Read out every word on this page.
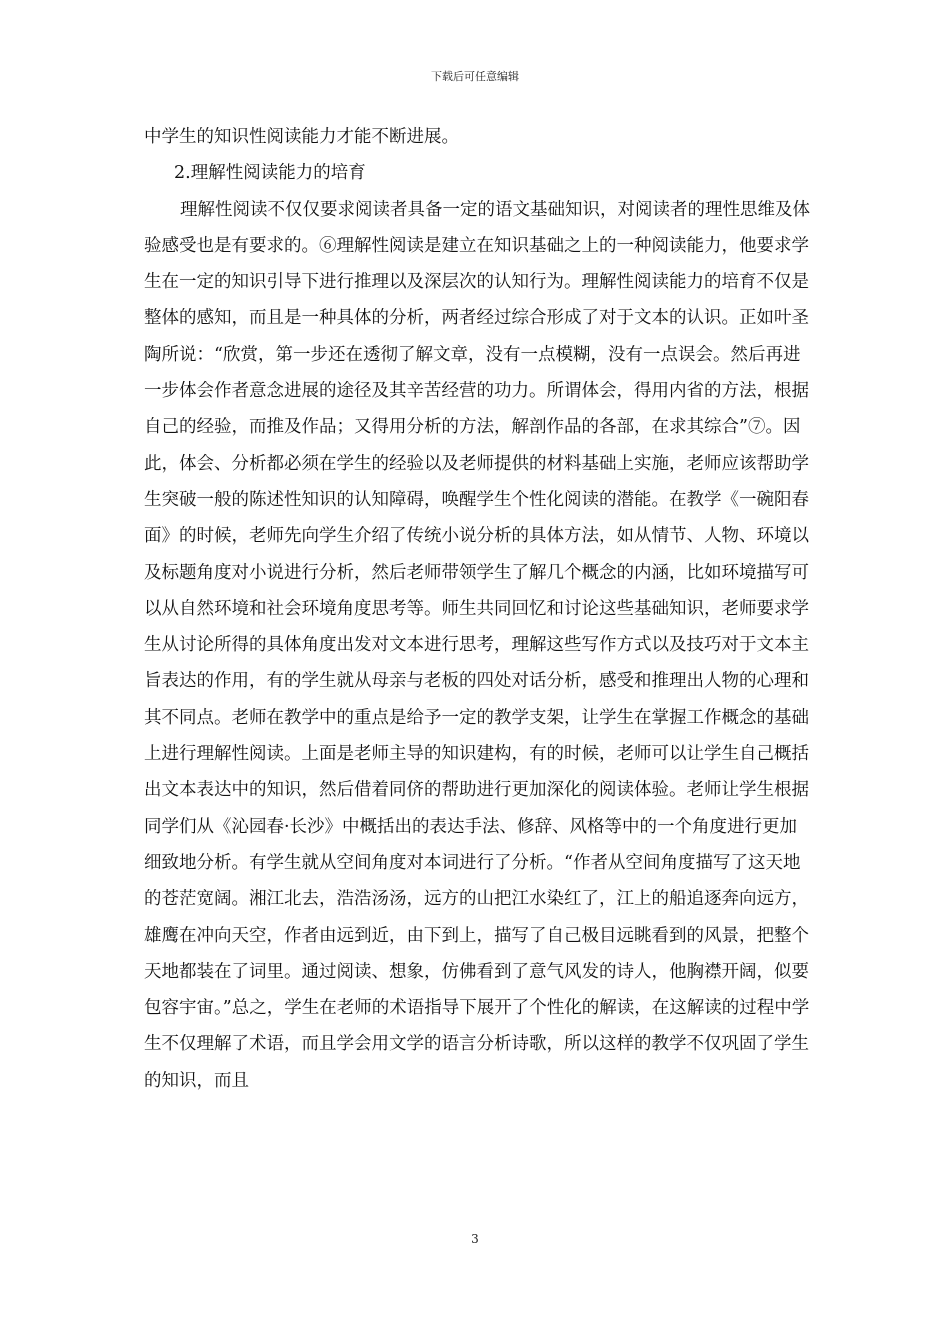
下载后可任意编辑

中学生的知识性阅读能力才能不断进展。

2.理解性阅读能力的培育

理解性阅读不仅仅要求阅读者具备一定的语文基础知识，对阅读者的理性思维及体验感受也是有要求的。⑥理解性阅读是建立在知识基础之上的一种阅读能力，他要求学生在一定的知识引导下进行推理以及深层次的认知行为。理解性阅读能力的培育不仅是整体的感知，而且是一种具体的分析，两者经过综合形成了对于文本的认识。正如叶圣陶所说：“欣赏，第一步还在透彻了解文章，没有一点模糊，没有一点误会。然后再进一步体会作者意念进展的途径及其辛苦经营的功力。所谓体会，得用内省的方法，根据自己的经验，而推及作品；又得用分析的方法，解剖作品的各部，在求其综合”⑦。因此，体会、分析都必须在学生的经验以及老师提供的材料基础上实施，老师应该帮助学生突破一般的陈述性知识的认知障碍，唤醒学生个性化阅读的潜能。在教学《一碗阳春面》的时候，老师先向学生介绍了传统小说分析的具体方法，如从情节、人物、环境以及标题角度对小说进行分析，然后老师带领学生了解几个概念的内涵，比如环境描写可以从自然环境和社会环境角度思考等。师生共同回忆和讨论这些基础知识，老师要求学生从讨论所得的具体角度出发对文本进行思考，理解这些写作方式以及技巧对于文本主旨表达的作用，有的学生就从母亲与老板的四处对话分析，感受和推理出人物的心理和其不同点。老师在教学中的重点是给予一定的教学支架，让学生在掌握工作概念的基础上进行理解性阅读。上面是老师主导的知识建构，有的时候，老师可以让学生自己概括出文本表达中的知识，然后借着同侪的帮助进行更加深化的阅读体验。老师让学生根据同学们从《沁园春·长沙》中概括出的表达手法、修辞、风格等中的一个角度进行更加细致地分析。有学生就从空间角度对本词进行了分析。“作者从空间角度描写了这天地的苍茫宽阔。湘江北去，浩浩汤汤，远方的山把江水染红了，江上的船追逐奔向远方，雄鹰在冲向天空，作者由远到近，由下到上，描写了自己极目远眺看到的风景，把整个天地都装在了词里。通过阅读、想象，仿佛看到了意气风发的诗人，他胸襟开阔，似要包容宇宙。”总之，学生在老师的术语指导下展开了个性化的解读，在这解读的过程中学生不仅理解了术语，而且学会用文学的语言分析诗歌，所以这样的教学不仅巩固了学生的知识，而且

3
